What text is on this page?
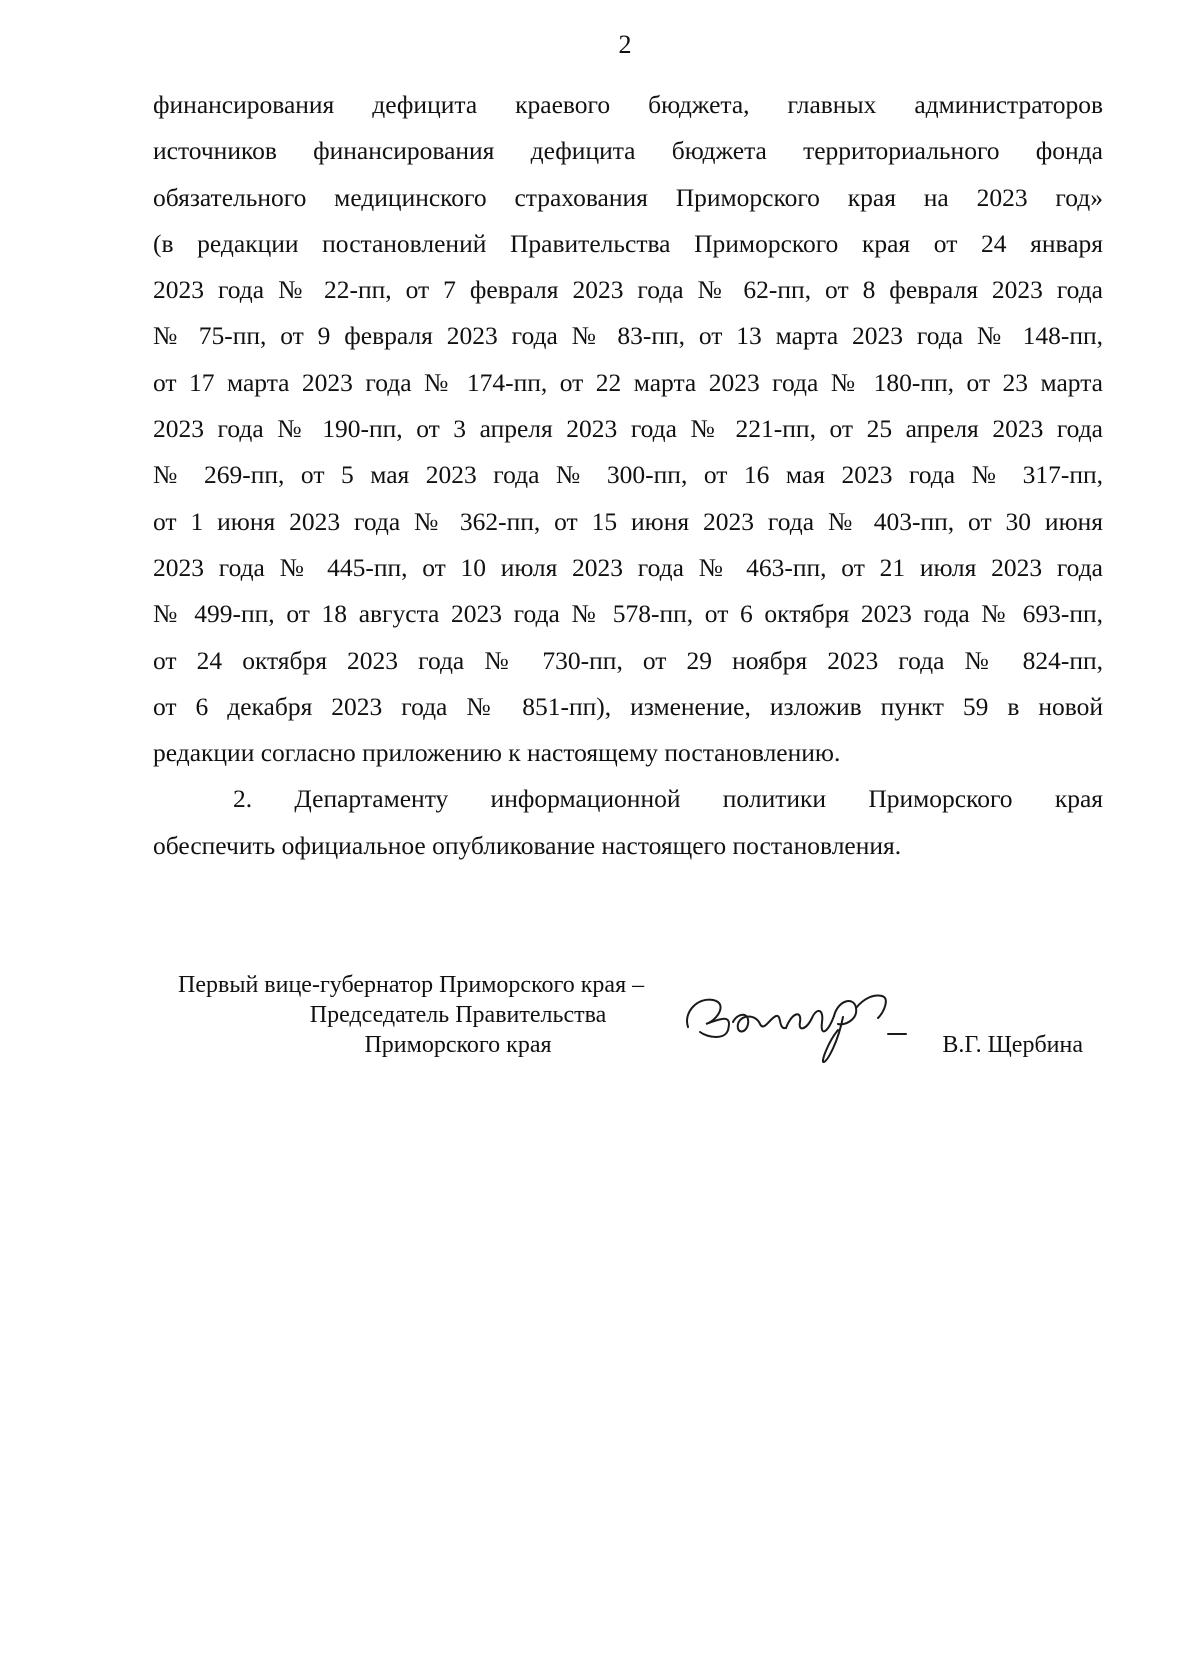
2

финансирования дефицита краевого бюджета, главных администраторов
источников финансирования дефицита бюджета территориального фонда
обязательного медицинского страхования Приморского края на 2023 год»
(в редакции постановлений Правительства Приморского края от 24 января
2023 года № 22-пп, от 7 февраля 2023 года № 62-пп, от 8 февраля 2023 года
№ 75-пп, от 9 февраля 2023 года № 83-пп, от 13 марта 2023 года № 148-пп,
от 17 марта 2023 года № 174-пп, от 22 марта 2023 года № 180-пп, от 23 марта
2023 года № 190-пп, от 3 апреля 2023 года № 221-пп, от 25 апреля 2023 года
№ 269-пп, от 5 мая 2023 года № 300-пп, от 16 мая 2023 года № 317-пп,
от 1 июня 2023 года № 362-пп, от 15 июня 2023 года № 403-пп, от 30 июня
2023 года № 445-пп, от 10 июля 2023 года № 463-пп, от 21 июля 2023 года
№ 499-пп, от 18 августа 2023 года № 578-пп, от 6 октября 2023 года № 693-пп,
от 24 октября 2023 года № 730-пп, от 29 ноября 2023 года № 824-пп,
от 6 декабря 2023 года № 851-пп), изменение, изложив пункт 59 в новой
редакции согласно приложению к настоящему постановлению.

2. Департаменту информационной политики Приморского края
обеспечить официальное опубликование настоящего постановления.

Первый вице-губернатор Приморского края –
Председатель Правительства
Приморского края	В.Г. Щербина
